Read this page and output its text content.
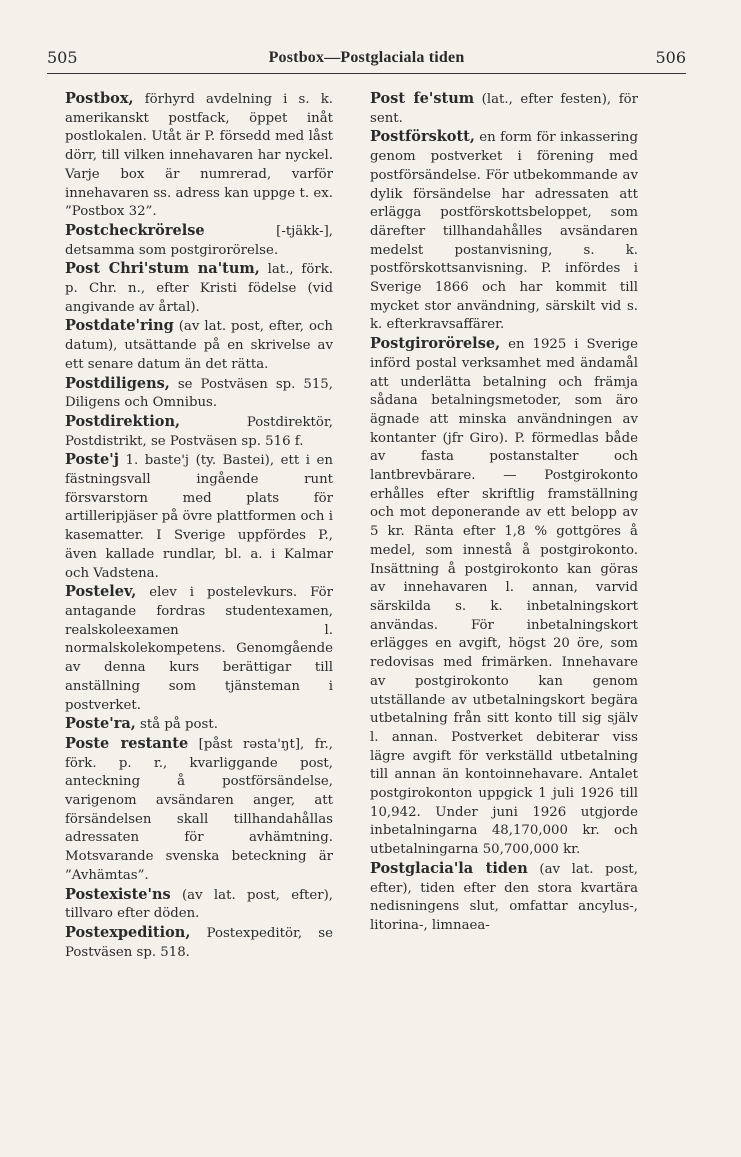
505	Postbox—Postglaciala tiden	506

Postbox, förhyrd avdelning i s. k. amerikanskt postfack, öppet inåt postlokalen. Utåt är P. försedd med låst dörr, till vilken innehavaren har nyckel. Varje box är numrerad, varför innehavaren ss. adress kan uppge t. ex. ”Postbox 32”.

Postcheckrörelse [-tjäkk-], detsamma som postgirorörelse.

Post Chri'stum na'tum, lat., förk. p. Chr. n., efter Kristi födelse (vid angivande av årtal).

Postdate'ring (av lat. post, efter, och datum), utsättande på en skrivelse av ett senare datum än det rätta.

Postdiligens, se Postväsen sp. 515, Diligens och Omnibus.

Postdirektion, Postdirektör, Postdistrikt, se Postväsen sp. 516 f.

Poste'j 1. baste'j (ty. Bastei), ett i en fästningsvall ingående runt försvarstorn med plats för artilleripjäser på övre plattformen och i kasematter. I Sverige uppfördes P., även kallade rundlar, bl. a. i Kalmar och Vadstena.

Postelev, elev i postelevkurs. För antagande fordras studentexamen, realskoleexamen l. normalskolekompetens. Genomgående av denna kurs berättigar till anställning som tjänsteman i postverket.

Poste'ra, stå på post.

Poste restante [påst rəsta'ŋt], fr., förk. p. r., kvarliggande post, anteckning å postförsändelse, varigenom avsändaren anger, att försändelsen skall tillhandahållas adressaten för avhämtning. Motsvarande svenska beteckning är ”Avhämtas”.

Postexiste'ns (av lat. post, efter), tillvaro efter döden.

Postexpedition, Postexpeditör, se Postväsen sp. 518.

Post fe'stum (lat., efter festen), för sent.

Postförskott, en form för inkassering genom postverket i förening med postförsändelse. För utbekommande av dylik försändelse har adressaten att erlägga postförskottsbeloppet, som därefter tillhandahålles avsändaren medelst postanvisning, s. k. postförskottsanvisning. P. infördes i Sverige 1866 och har kommit till mycket stor användning, särskilt vid s. k. efterkravsaffärer.

Postgirorörelse, en 1925 i Sverige införd postal verksamhet med ändamål att underlätta betalning och främja sådana betalningsmetoder, som äro ägnade att minska användningen av kontanter (jfr Giro). P. förmedlas både av fasta postanstalter och lantbrevbärare. — Postgirokonto erhålles efter skriftlig framställning och mot deponerande av ett belopp av 5 kr. Ränta efter 1,8 % gottgöres å medel, som innestå å postgirokonto. Insättning å postgirokonto kan göras av innehavaren l. annan, varvid särskilda s. k. inbetalningskort användas. För inbetalningskort erlägges en avgift, högst 20 öre, som redovisas med frimärken. Innehavare av postgirokonto kan genom utställande av utbetalningskort begära utbetalning från sitt konto till sig själv l. annan. Postverket debiterar viss lägre avgift för verkställd utbetalning till annan än kontoinnehavare. Antalet postgirokonton uppgick 1 juli 1926 till 10,942. Under juni 1926 utgjorde inbetalningarna 48,170,000 kr. och utbetalningarna 50,700,000 kr.

Postglacia'la tiden (av lat. post, efter), tiden efter den stora kvartära nedisningens slut, omfattar ancylus-, litorina-, limnaea-
